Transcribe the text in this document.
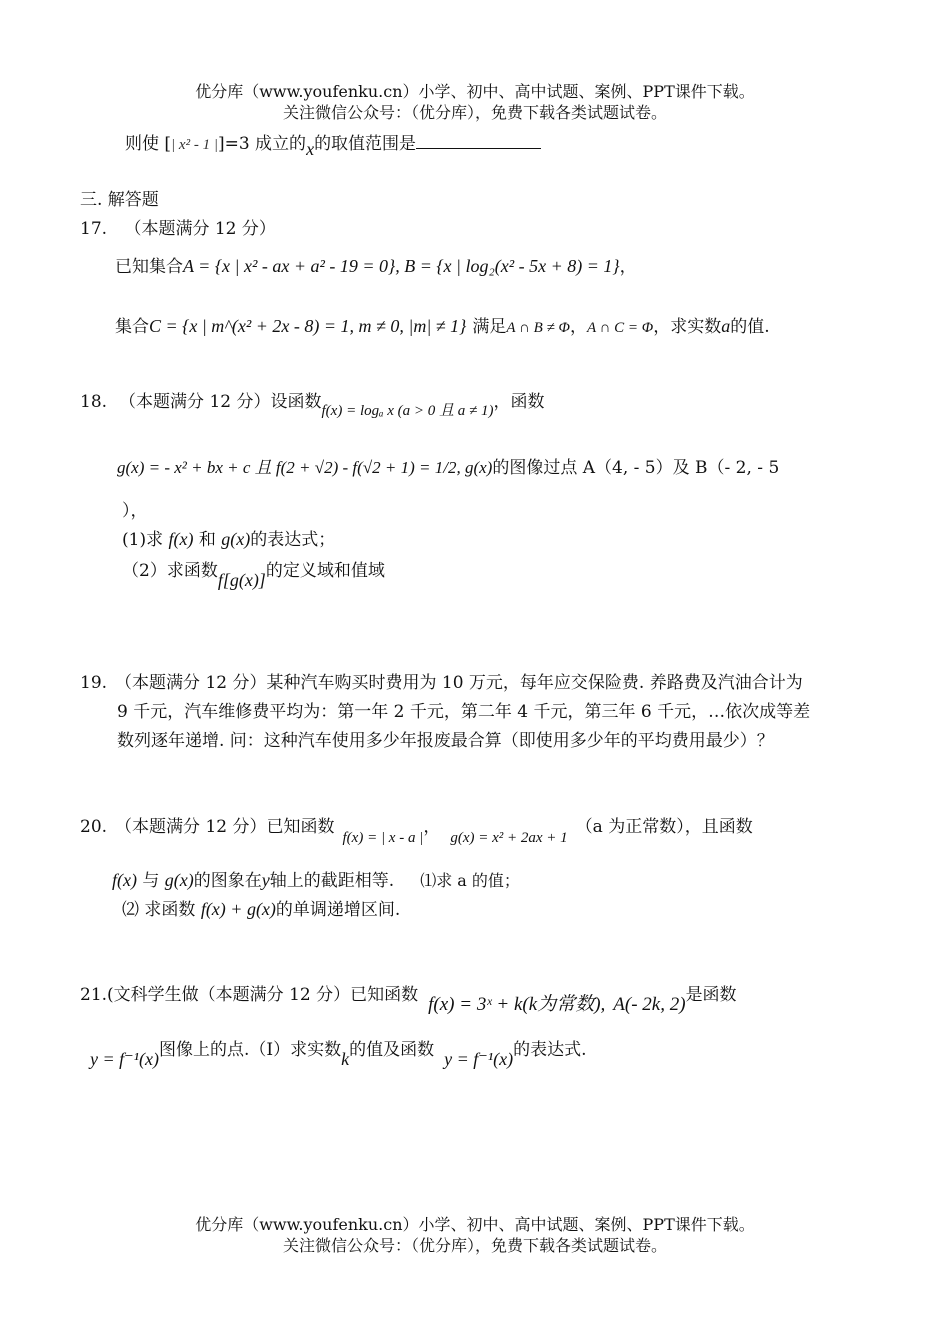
优分库（www.youfenku.cn）小学、初中、高中试题、案例、PPT课件下载。
关注微信公众号：（优分库），免费下载各类试题试卷。
则使 [| x² - 1 |]=3 成立的x的取值范围是
三. 解答题
17. （本题满分 12 分）
已知集合A = {x | x² - ax + a² - 19 = 0}, B = {x | log₂(x² - 5x + 8) = 1}，
集合C = {x | m^(x² + 2x - 8) = 1, m ≠ 0, |m| ≠ 1} 满足A ∩ B ≠ Φ，A ∩ C = Φ，求实数a的值.
18. （本题满分 12 分）设函数f(x) = logₐ x (a > 0 且 a ≠ 1)，函数
g(x) = - x² + bx + c 且 f(2 + √2) - f(√2 + 1) = 1/2, g(x)的图像过点 A（4, - 5）及 B（- 2, - 5
），
(1)求 f(x) 和 g(x)的表达式；
（2）求函数f[g(x)]的定义域和值域
19. （本题满分 12 分）某种汽车购买时费用为 10 万元，每年应交保险费. 养路费及汽油合计为
9 千元，汽车维修费平均为：第一年 2 千元，第二年 4 千元，第三年 6 千元，…依次成等差
数列逐年递增. 问：这种汽车使用多少年报废最合算（即使用多少年的平均费用最少）？
20. （本题满分 12 分）已知函数f(x) = | x - a |，g(x) = x² + 2ax + 1（a 为正常数），且函数
f(x) 与 g(x)的图象在y轴上的截距相等. ⑴求 a 的值；
⑵ 求函数 f(x) + g(x)的单调递增区间.
21.(文科学生做（本题满分 12 分）已知函数 f(x) = 3ˣ + k(k为常数), A(- 2k, 2)是函数
y = f⁻¹(x)图像上的点.（Ⅰ）求实数k的值及函数 y = f⁻¹(x)的表达式.
优分库（www.youfenku.cn）小学、初中、高中试题、案例、PPT课件下载。
关注微信公众号：（优分库），免费下载各类试题试卷。
